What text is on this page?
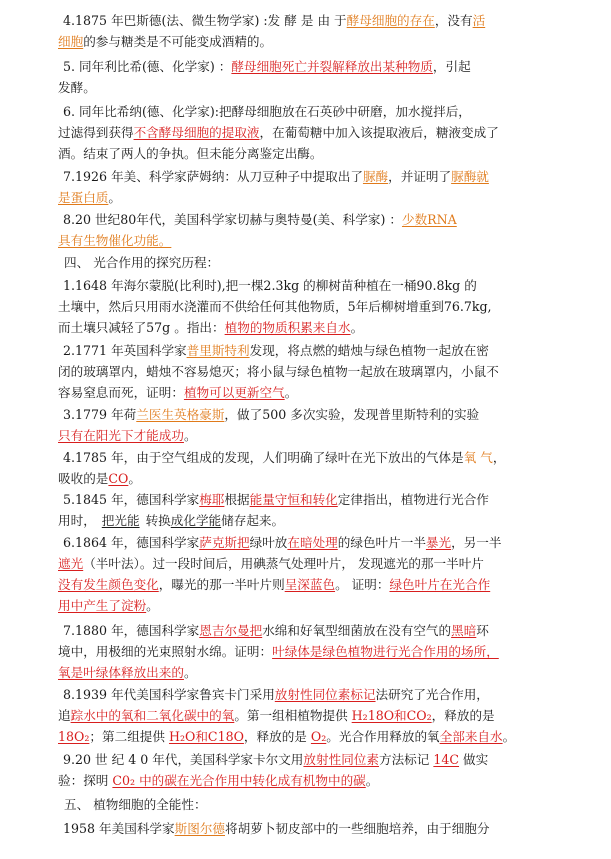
4.1875 年巴斯德(法、微生物学家) :发 酵 是 由 于酵母细胞的存在，没有活
细胞的参与糖类是不可能变成酒精的。
5. 同年利比希(德、化学家) ：酵母细胞死亡并裂解释放出某种物质，引起
发酵。
6. 同年比希纳(德、化学家):把酵母细胞放在石英砂中研磨，加水搅拌后，
过滤得到获得不含酵母细胞的提取液，在葡萄糖中加入该提取液后，糖液变成了
酒。结束了两人的争执。但未能分离鉴定出酶。
7.1926 年美、科学家萨姆纳：从刀豆种子中提取出了脲酶，并证明了脲酶就
是蛋白质。
8.20 世纪80年代，美国科学家切赫与奥特曼(美、科学家) ：少数RNA
具有生物催化功能。
四、 光合作用的探究历程：
1.1648 年海尔蒙脱(比利时),把一棵2.3kg 的柳树苗种植在一桶90.8kg 的
土壤中，然后只用雨水浇灌而不供给任何其他物质，5年后柳树增重到76.7kg,
而土壤只减轻了57g 。指出：植物的物质积累来自水。
2.1771 年英国科学家普里斯特利发现，将点燃的蜡烛与绿色植物一起放在密
闭的玻璃罩内，蜡烛不容易熄灭；将小鼠与绿色植物一起放在玻璃罩内，小鼠不
容易窒息而死，证明：植物可以更新空气。
3.1779 年荷兰医生英格豪斯，做了500 多次实验，发现普里斯特利的实验
只有在阳光下才能成功。
4.1785 年，由于空气组成的发现，人们明确了绿叶在光下放出的气体是氧 气，
吸收的是CO。
5.1845 年，德国科学家梅耶根据能量守恒和转化定律指出，植物进行光合作
用时， 把光能 转换成化学能储存起来。
6.1864 年，德国科学家萨克斯把绿叶放在暗处理的绿色叶片一半暴光，另一半
遮光（半叶法）。过一段时间后，用碘蒸气处理叶片， 发现遮光的那一半叶片
没有发生颜色变化，曝光的那一半叶片则呈深蓝色。 证明：绿色叶片在光合作
用中产生了淀粉。
7.1880 年，德国科学家恩吉尔曼把水绵和好氧型细菌放在没有空气的黑暗环
境中，用极细的光束照射水绵。证明：叶绿体是绿色植物进行光合作用的场所，
氧是叶绿体释放出来的。
8.1939 年代美国科学家鲁宾卡门采用放射性同位素标记法研究了光合作用，
追踪水中的氧和二氧化碳中的氧。第一组相植物提供 H₂18O和CO₂，释放的是
18O₂；第二组提供 H₂O和C18O，释放的是 O₂。光合作用释放的氧全部来自水。
9.20 世 纪 4 0 年代，美国科学家卡尔文用放射性同位素方法标记 14C 做实
验：探明 C0₂ 中的碳在光合作用中转化成有机物中的碳。
五、 植物细胞的全能性：
1958 年美国科学家斯图尔德将胡萝卜韧皮部中的一些细胞培养，由于细胞分
